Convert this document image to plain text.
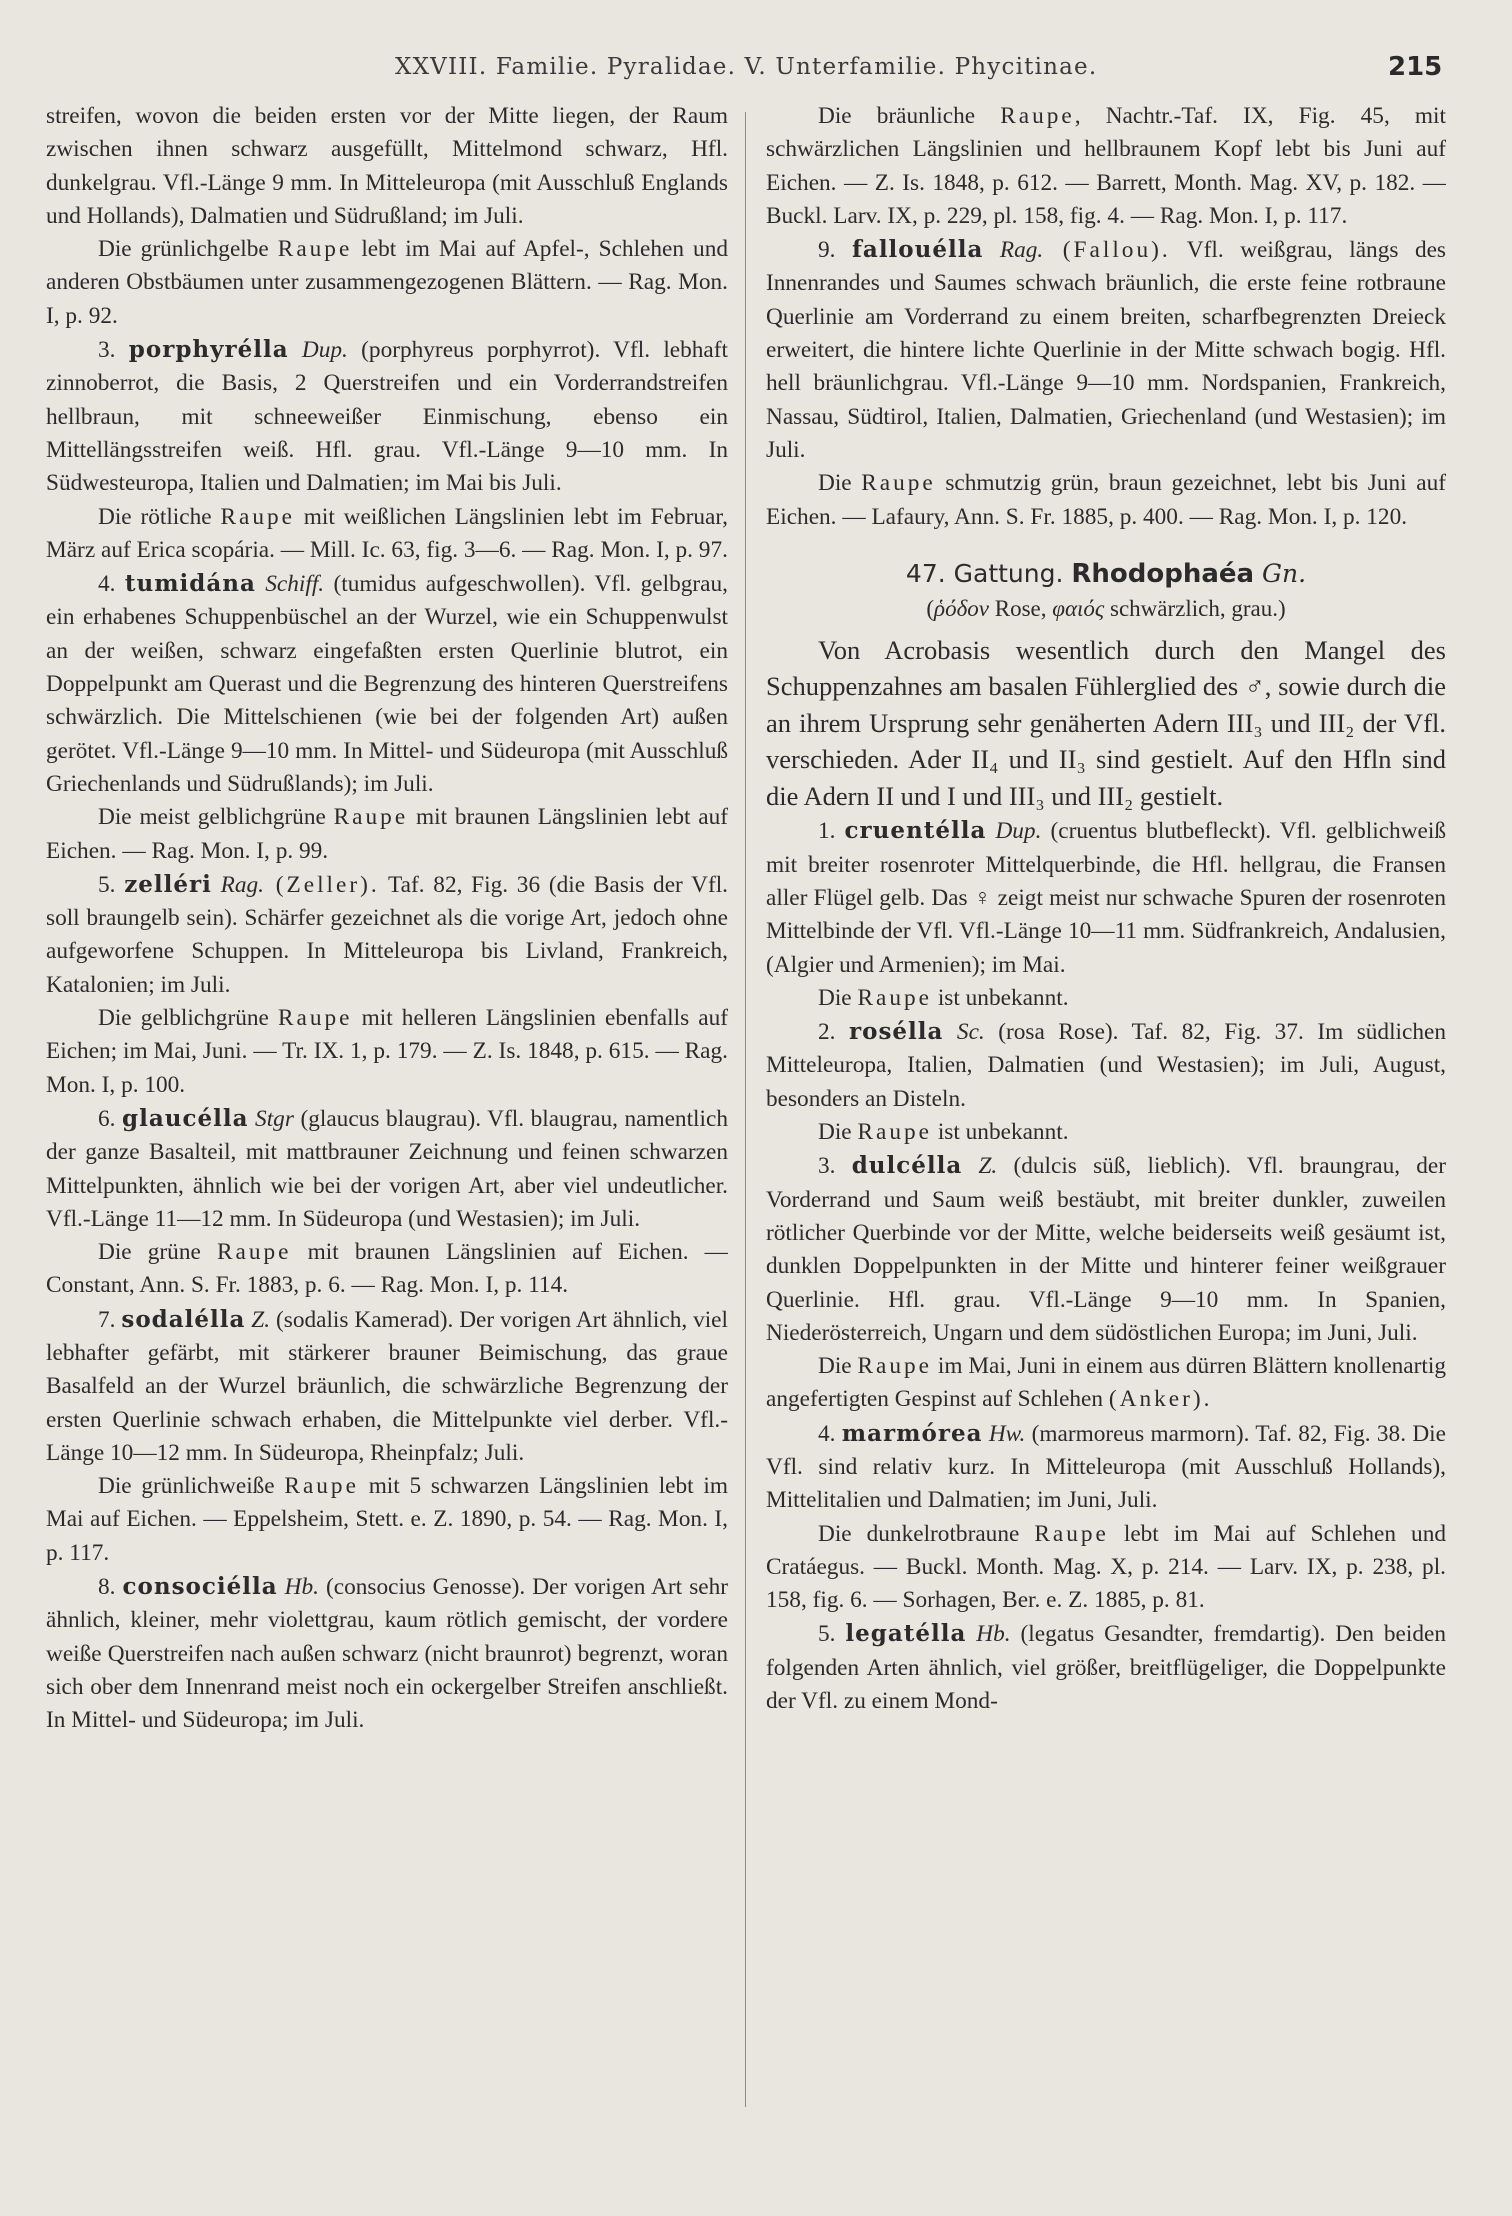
XXVIII. Familie. Pyralidae. V. Unterfamilie. Phycitinae.	215

streifen, wovon die beiden ersten vor der Mitte liegen, der Raum zwischen ihnen schwarz ausgefüllt, Mittelmond schwarz, Hfl. dunkelgrau. Vfl.-Länge 9 mm. In Mitteleuropa (mit Ausschluß Englands und Hollands), Dalmatien und Südrußland; im Juli.

Die grünlichgelbe Raupe lebt im Mai auf Apfel-, Schlehen und anderen Obstbäumen unter zusammengezogenen Blättern. — Rag. Mon. I, p. 92.

3. porphyrélla Dup. (porphyreus porphyrrot). Vfl. lebhaft zinnoberrot, die Basis, 2 Querstreifen und ein Vorderrandstreifen hellbraun, mit schneeweißer Einmischung, ebenso ein Mittellängsstreifen weiß. Hfl. grau. Vfl.-Länge 9—10 mm. In Südwesteuropa, Italien und Dalmatien; im Mai bis Juli.

Die rötliche Raupe mit weißlichen Längslinien lebt im Februar, März auf Erica scopária. — Mill. Ic. 63, fig. 3—6. — Rag. Mon. I, p. 97.

4. tumidána Schiff. (tumidus aufgeschwollen). Vfl. gelbgrau, ein erhabenes Schuppenbüschel an der Wurzel, wie ein Schuppenwulst an der weißen, schwarz eingefaßten ersten Querlinie blutrot, ein Doppelpunkt am Querast und die Begrenzung des hinteren Querstreifens schwärzlich. Die Mittelschienen (wie bei der folgenden Art) außen gerötet. Vfl.-Länge 9—10 mm. In Mittel- und Südeuropa (mit Ausschluß Griechenlands und Südrußlands); im Juli.

Die meist gelblichgrüne Raupe mit braunen Längslinien lebt auf Eichen. — Rag. Mon. I, p. 99.

5. zelléri Rag. (Zeller). Taf. 82, Fig. 36 (die Basis der Vfl. soll braungelb sein). Schärfer gezeichnet als die vorige Art, jedoch ohne aufgeworfene Schuppen. In Mitteleuropa bis Livland, Frankreich, Katalonien; im Juli.

Die gelblichgrüne Raupe mit helleren Längslinien ebenfalls auf Eichen; im Mai, Juni. — Tr. IX. 1, p. 179. — Z. Is. 1848, p. 615. — Rag. Mon. I, p. 100.

6. glaucélla Stgr (glaucus blaugrau). Vfl. blaugrau, namentlich der ganze Basalteil, mit mattbrauner Zeichnung und feinen schwarzen Mittelpunkten, ähnlich wie bei der vorigen Art, aber viel undeutlicher. Vfl.-Länge 11—12 mm. In Südeuropa (und Westasien); im Juli.

Die grüne Raupe mit braunen Längslinien auf Eichen. — Constant, Ann. S. Fr. 1883, p. 6. — Rag. Mon. I, p. 114.

7. sodalélla Z. (sodalis Kamerad). Der vorigen Art ähnlich, viel lebhafter gefärbt, mit stärkerer brauner Beimischung, das graue Basalfeld an der Wurzel bräunlich, die schwärzliche Begrenzung der ersten Querlinie schwach erhaben, die Mittelpunkte viel derber. Vfl.-Länge 10—12 mm. In Südeuropa, Rheinpfalz; Juli.

Die grünlichweiße Raupe mit 5 schwarzen Längslinien lebt im Mai auf Eichen. — Eppelsheim, Stett. e. Z. 1890, p. 54. — Rag. Mon. I, p. 117.

8. consociélla Hb. (consocius Genosse). Der vorigen Art sehr ähnlich, kleiner, mehr violettgrau, kaum rötlich gemischt, der vordere weiße Querstreifen nach außen schwarz (nicht braunrot) begrenzt, woran sich ober dem Innenrand meist noch ein ockergelber Streifen anschließt. In Mittel- und Südeuropa; im Juli.

Die bräunliche Raupe, Nachtr.-Taf. IX, Fig. 45, mit schwärzlichen Längslinien und hellbraunem Kopf lebt bis Juni auf Eichen. — Z. Is. 1848, p. 612. — Barrett, Month. Mag. XV, p. 182. — Buckl. Larv. IX, p. 229, pl. 158, fig. 4. — Rag. Mon. I, p. 117.

9. fallouélla Rag. (Fallou). Vfl. weißgrau, längs des Innenrandes und Saumes schwach bräunlich, die erste feine rotbraune Querlinie am Vorderrand zu einem breiten, scharfbegrenzten Dreieck erweitert, die hintere lichte Querlinie in der Mitte schwach bogig. Hfl. hell bräunlichgrau. Vfl.-Länge 9—10 mm. Nordspanien, Frankreich, Nassau, Südtirol, Italien, Dalmatien, Griechenland (und Westasien); im Juli.

Die Raupe schmutzig grün, braun gezeichnet, lebt bis Juni auf Eichen. — Lafaury, Ann. S. Fr. 1885, p. 400. — Rag. Mon. I, p. 120.

47. Gattung. Rhodophaéa Gn.
(ῥόδον Rose, φαιός schwärzlich, grau.)

Von Acrobasis wesentlich durch den Mangel des Schuppenzahnes am basalen Fühlerglied des ♂, sowie durch die an ihrem Ursprung sehr genäherten Adern III₃ und III₂ der Vfl. verschieden. Ader II₄ und II₃ sind gestielt. Auf den Hfln sind die Adern II und I und III₃ und III₂ gestielt.

1. cruentélla Dup. (cruentus blutbefleckt). Vfl. gelblichweiß mit breiter rosenroter Mittelquerbinde, die Hfl. hellgrau, die Fransen aller Flügel gelb. Das ♀ zeigt meist nur schwache Spuren der rosenroten Mittelbinde der Vfl. Vfl.-Länge 10—11 mm. Südfrankreich, Andalusien, (Algier und Armenien); im Mai.

Die Raupe ist unbekannt.

2. rosélla Sc. (rosa Rose). Taf. 82, Fig. 37. Im südlichen Mitteleuropa, Italien, Dalmatien (und Westasien); im Juli, August, besonders an Disteln.

Die Raupe ist unbekannt.

3. dulcélla Z. (dulcis süß, lieblich). Vfl. braungrau, der Vorderrand und Saum weiß bestäubt, mit breiter dunkler, zuweilen rötlicher Querbinde vor der Mitte, welche beiderseits weiß gesäumt ist, dunklen Doppelpunkten in der Mitte und hinterer feiner weißgrauer Querlinie. Hfl. grau. Vfl.-Länge 9—10 mm. In Spanien, Niederösterreich, Ungarn und dem südöstlichen Europa; im Juni, Juli.

Die Raupe im Mai, Juni in einem aus dürren Blättern knollenartig angefertigten Gespinst auf Schlehen (Anker).

4. marmórea Hw. (marmoreus marmorn). Taf. 82, Fig. 38. Die Vfl. sind relativ kurz. In Mitteleuropa (mit Ausschluß Hollands), Mittelitalien und Dalmatien; im Juni, Juli.

Die dunkelrotbraune Raupe lebt im Mai auf Schlehen und Cratáegus. — Buckl. Month. Mag. X, p. 214. — Larv. IX, p. 238, pl. 158, fig. 6. — Sorhagen, Ber. e. Z. 1885, p. 81.

5. legatélla Hb. (legatus Gesandter, fremdartig). Den beiden folgenden Arten ähnlich, viel größer, breitflügeliger, die Doppelpunkte der Vfl. zu einem Mond-
